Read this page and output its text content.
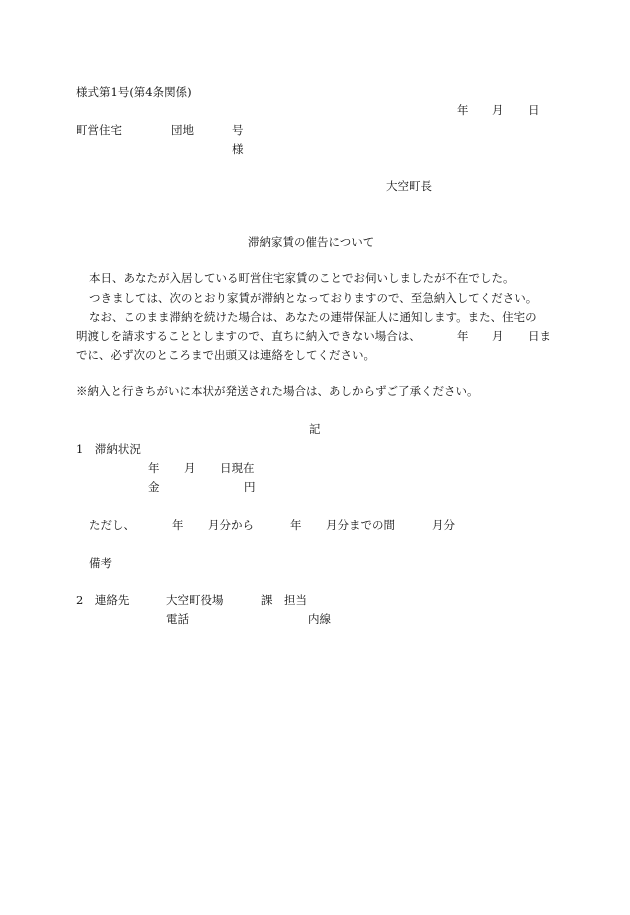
様式第1号(第4条関係)
年 月 日
町営住宅	団地	号
様
大空町長
滞納家賃の催告について
本日、あなたが入居している町営住宅家賃のことでお伺いしましたが不在でした。
つきましては、次のとおり家賃が滞納となっておりますので、至急納入してください。
なお、このまま滞納を続けた場合は、あなたの連帯保証人に通知します。また、住宅の
明渡しを請求することとしますので、直ちに納入できない場合は、	年 月 日ま
でに、必ず次のところまで出頭又は連絡をしてください。
※納入と行きちがいに本状が発送された場合は、あしからずご了承ください。
記
1　滞納状況
年 月 日現在
金	円
ただし、	年 月分から	年 月分までの間	月分
備考
2　連絡先	大空町役場	課　担当
電話	内線
